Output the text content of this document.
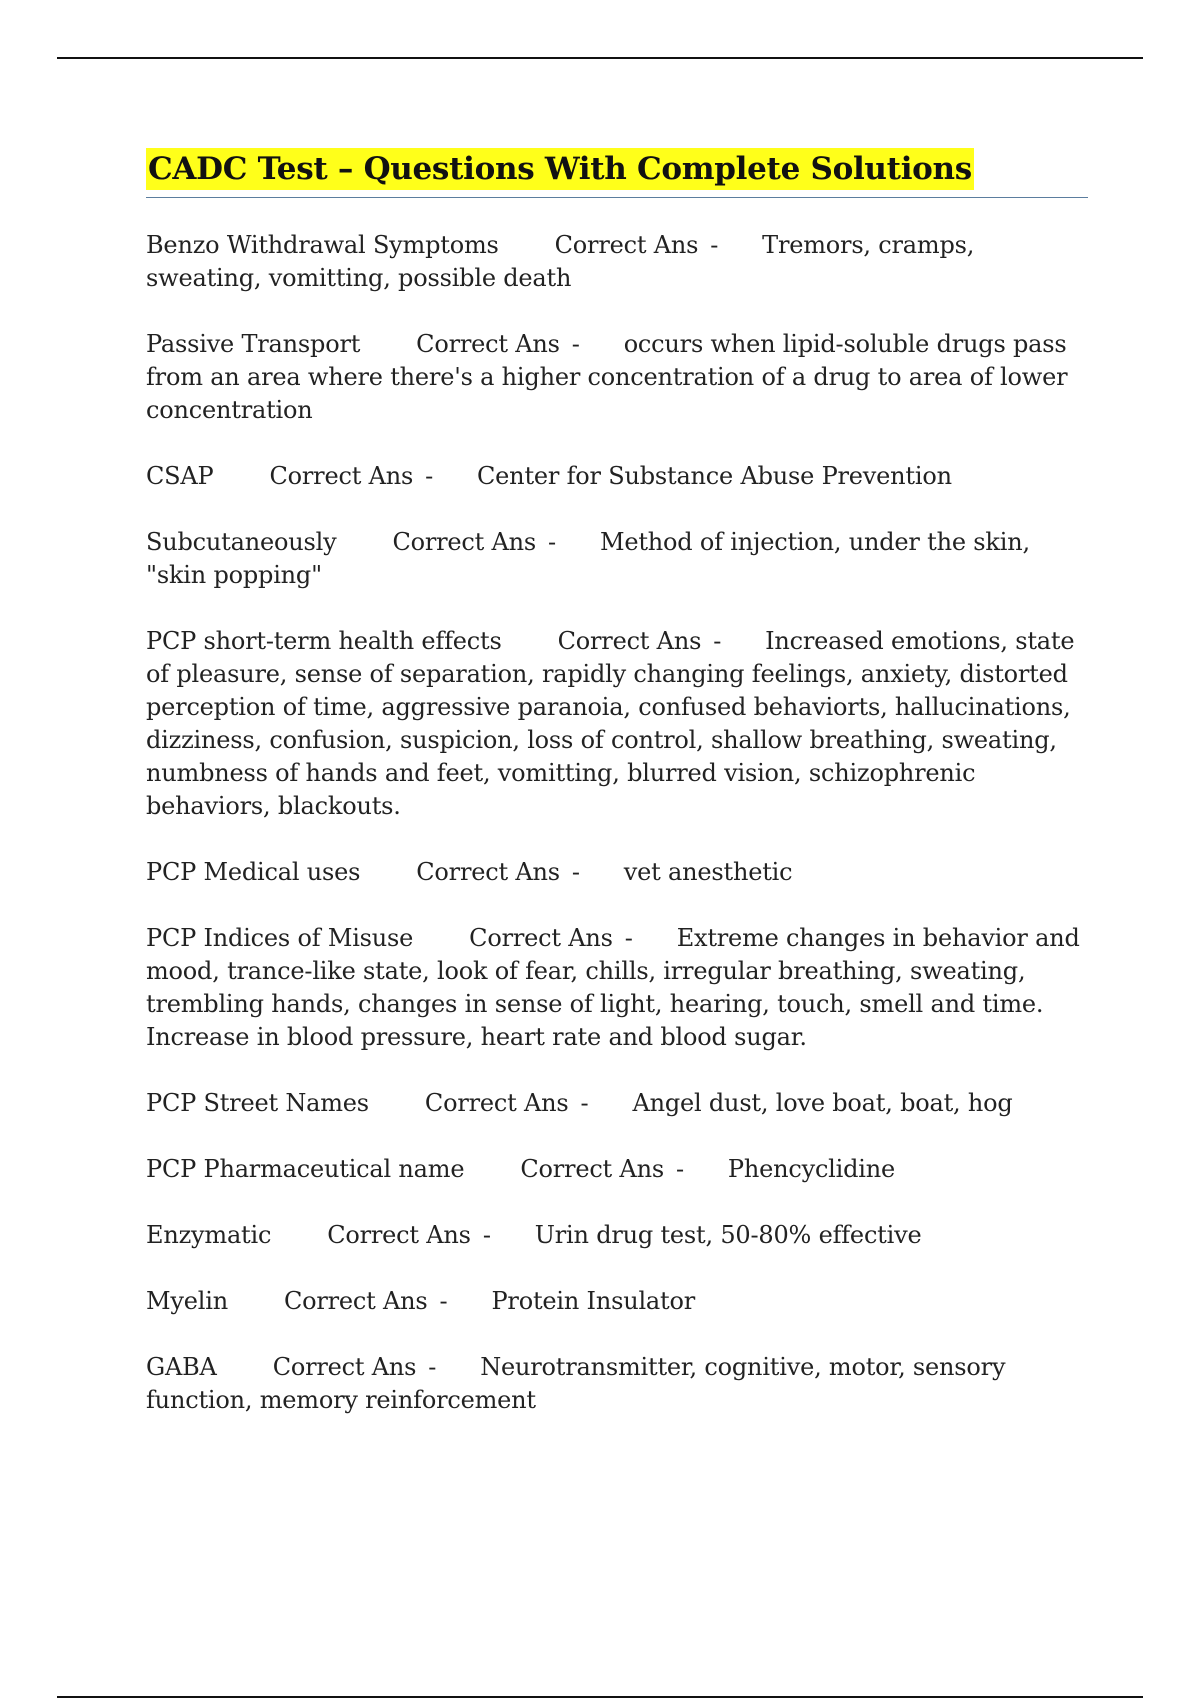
CADC Test – Questions With Complete Solutions
Benzo Withdrawal Symptoms Correct Ans - Tremors, cramps, sweating, vomitting, possible death
Passive Transport Correct Ans - occurs when lipid-soluble drugs pass from an area where there's a higher concentration of a drug to area of lower concentration
CSAP Correct Ans - Center for Substance Abuse Prevention
Subcutaneously Correct Ans - Method of injection, under the skin, "skin popping"
PCP short-term health effects Correct Ans - Increased emotions, state of pleasure, sense of separation, rapidly changing feelings, anxiety, distorted perception of time, aggressive paranoia, confused behaviorts, hallucinations, dizziness, confusion, suspicion, loss of control, shallow breathing, sweating, numbness of hands and feet, vomitting, blurred vision, schizophrenic behaviors, blackouts.
PCP Medical uses Correct Ans - vet anesthetic
PCP Indices of Misuse Correct Ans - Extreme changes in behavior and mood, trance-like state, look of fear, chills, irregular breathing, sweating, trembling hands, changes in sense of light, hearing, touch, smell and time. Increase in blood pressure, heart rate and blood sugar.
PCP Street Names Correct Ans - Angel dust, love boat, boat, hog
PCP Pharmaceutical name Correct Ans - Phencyclidine
Enzymatic Correct Ans - Urin drug test, 50-80% effective
Myelin Correct Ans - Protein Insulator
GABA Correct Ans - Neurotransmitter, cognitive, motor, sensory function, memory reinforcement
